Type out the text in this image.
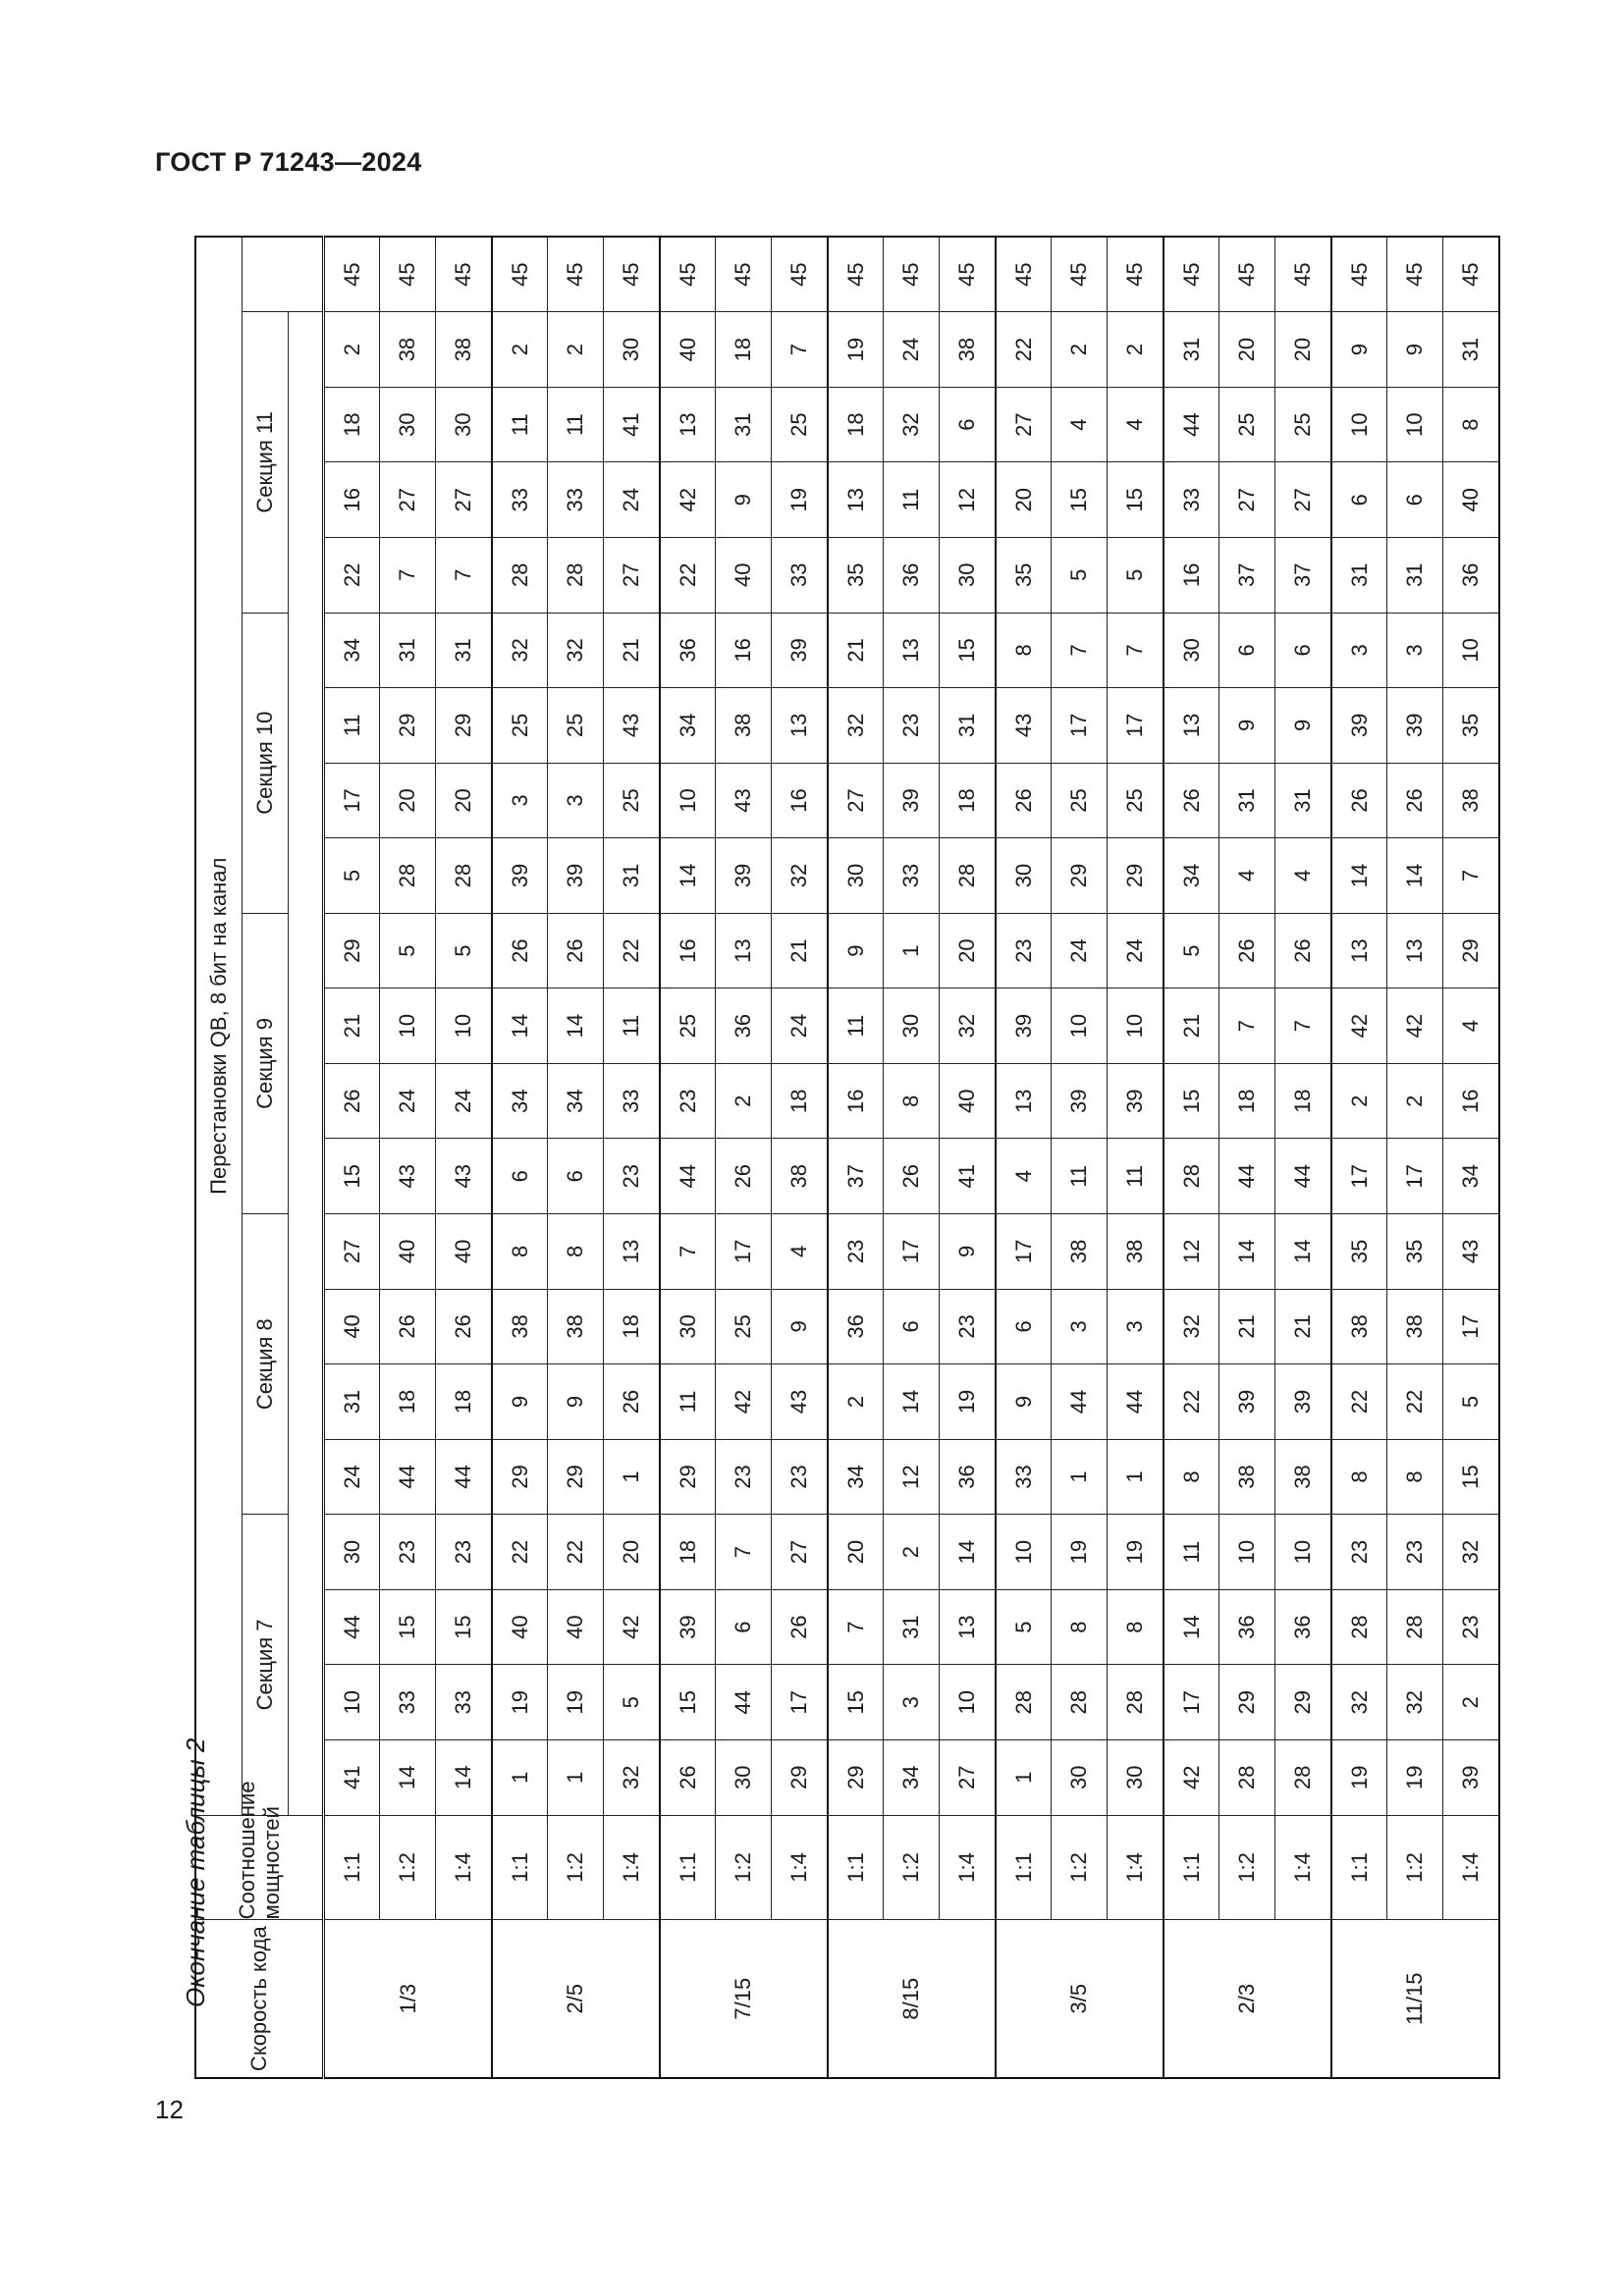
ГОСТ Р 71243—2024
Окончание таблицы 2
12
Скорость кода	Соотношение мощностей	Перестановки QB, 8 бит на канал																				
		Секция 7				Секция 8				Секция 9				Секция 10				Секция 11				

1/3	1:1	41	10	44	30	24	31	40	27	15	26	21	29	5	17	11	34	22	16	18	2	45
	1:2	14	33	15	23	44	18	26	40	43	24	10	5	28	20	29	31	7	27	30	38	45
	1:4	14	33	15	23	44	18	26	40	43	24	10	5	28	20	29	31	7	27	30	38	45
2/5	1:1	1	19	40	22	29	9	38	8	6	34	14	26	39	3	25	32	28	33	11	2	45
	1:2	1	19	40	22	29	9	38	8	6	34	14	26	39	3	25	32	28	33	11	2	45
	1:4	32	5	42	20	1	26	18	13	23	33	11	22	31	25	43	21	27	24	41	30	45
7/15	1:1	26	15	39	18	29	11	30	7	44	23	25	16	14	10	34	36	22	42	13	40	45
	1:2	30	44	6	7	23	42	25	17	26	2	36	13	39	43	38	16	40	9	31	18	45
	1:4	29	17	26	27	23	43	9	4	38	18	24	21	32	16	13	39	33	19	25	7	45
8/15	1:1	29	15	7	20	34	2	36	23	37	16	11	9	30	27	32	21	35	13	18	19	45
	1:2	34	3	31	2	12	14	6	17	26	8	30	1	33	39	23	13	36	11	32	24	45
	1:4	27	10	13	14	36	19	23	9	41	40	32	20	28	18	31	15	30	12	6	38	45
3/5	1:1	1	28	5	10	33	9	6	17	4	13	39	23	30	26	43	8	35	20	27	22	45
	1:2	30	28	8	19	1	44	3	38	11	39	10	24	29	25	17	7	5	15	4	2	45
	1:4	30	28	8	19	1	44	3	38	11	39	10	24	29	25	17	7	5	15	4	2	45
2/3	1:1	42	17	14	11	8	22	32	12	28	15	21	5	34	26	13	30	16	33	44	31	45
	1:2	28	29	36	10	38	39	21	14	44	18	7	26	4	31	9	6	37	27	25	20	45
	1:4	28	29	36	10	38	39	21	14	44	18	7	26	4	31	9	6	37	27	25	20	45
11/15	1:1	19	32	28	23	8	22	38	35	17	2	42	13	14	26	39	3	31	6	10	9	45
	1:2	19	32	28	23	8	22	38	35	17	2	42	13	14	26	39	3	31	6	10	9	45
	1:4	39	2	23	32	15	5	17	43	34	16	4	29	7	38	35	10	36	40	8	31	45
